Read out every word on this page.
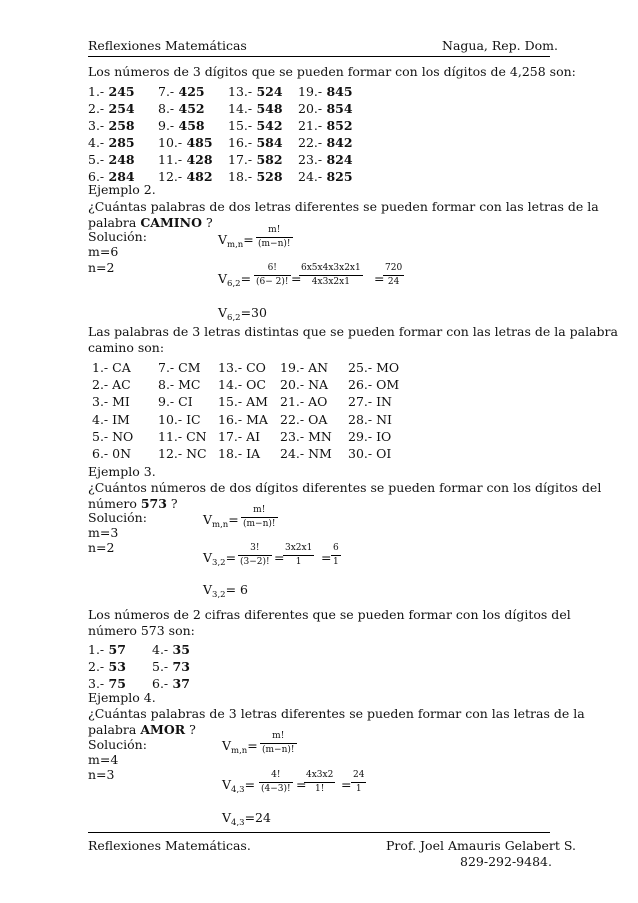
Reflexiones Matemáticas	Nagua, Rep. Dom.
Los números de 3 dígitos que se pueden formar con los dígitos de 4,258 son:
1.- 245
2.- 254
3.- 258
4.- 285
5.- 248
6.- 284
7.- 425
8.- 452
9.- 458
10.- 485
11.- 428
12.- 482
13.- 524
14.- 548
15.- 542
16.- 584
17.- 582
18.- 528
19.- 845
20.- 854
21.- 852
22.- 842
23.- 824
24.- 825
Ejemplo 2.
¿Cuántas palabras de dos letras diferentes se pueden formar con las letras de la
palabra CAMINO ?
Solución:
m=6
n=2
$V_{m,n}=$
m!
(m−n)!
$V_{6,2}=$
6!
(6− 2)! =
6x5x4x3x2x1
4x3x2x1 =
720
24
$V_{6,2}=30$
Las palabras de 3 letras distintas que se pueden formar con las letras de la palabra
camino son:
1.- CA
2.- AC
3.- MI
4.- IM
5.- NO
6.- 0N
7.- CM
8.- MC
9.- CI
10.- IC
11.- CN
12.- NC
13.- CO
14.- OC
15.- AM
16.- MA
17.- AI
18.- IA
19.- AN
20.- NA
21.- AO
22.- OA
23.- MN
24.- NM
25.- MO
26.- OM
27.- IN
28.- NI
29.- IO
30.- OI
Ejemplo 3.
¿Cuántos números de dos dígitos diferentes se pueden formar con los dígitos del
número 573 ?
Solución:
m=3
n=2
$V_{m,n}=$
m!
(m−n)!
$V_{3,2}=$
3!
(3−2)! =
3x2x1
1 =
6
1
$V_{3,2}= 6$
Los números de 2 cifras diferentes que se pueden formar con los dígitos del
número 573 son:
1.- 57
2.- 53
3.- 75
4.- 35
5.- 73
6.- 37
Ejemplo 4.
¿Cuántas palabras de 3 letras diferentes se pueden formar con las letras de la
palabra AMOR ?
Solución:
m=4
n=3
$V_{m,n}=$
m!
(m−n)!
$V_{4,3}=$
4!
(4−3)! =
4x3x2
1! =
24
1
$V_{4,3}=24$
Reflexiones Matemáticas.	Prof. Joel Amauris Gelabert S.
829-292-9484.
